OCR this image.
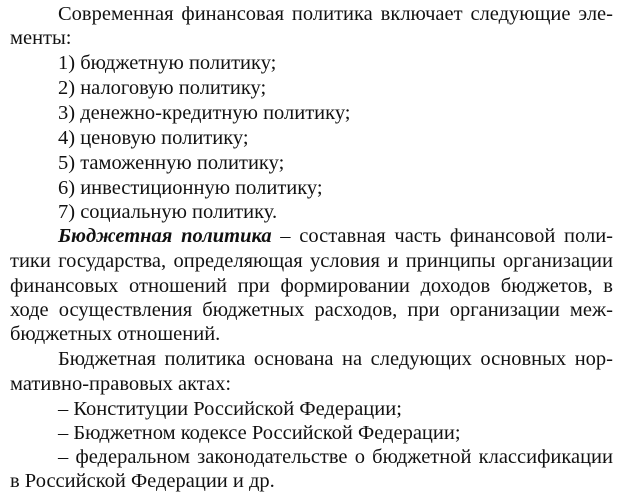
Современная финансовая политика включает следующие эле-
менты:
1) бюджетную политику;
2) налоговую политику;
3) денежно-кредитную политику;
4) ценовую политику;
5) таможенную политику;
6) инвестиционную политику;
7) социальную политику.
Бюджетная политика – составная часть финансовой поли-
тики государства, определяющая условия и принципы организации
финансовых отношений при формировании доходов бюджетов, в
ходе осуществления бюджетных расходов, при организации меж-
бюджетных отношений.
Бюджетная политика основана на следующих основных нор-
мативно-правовых актах:
– Конституции Российской Федерации;
– Бюджетном кодексе Российской Федерации;
– федеральном законодательстве о бюджетной классификации
в Российской Федерации и др.
